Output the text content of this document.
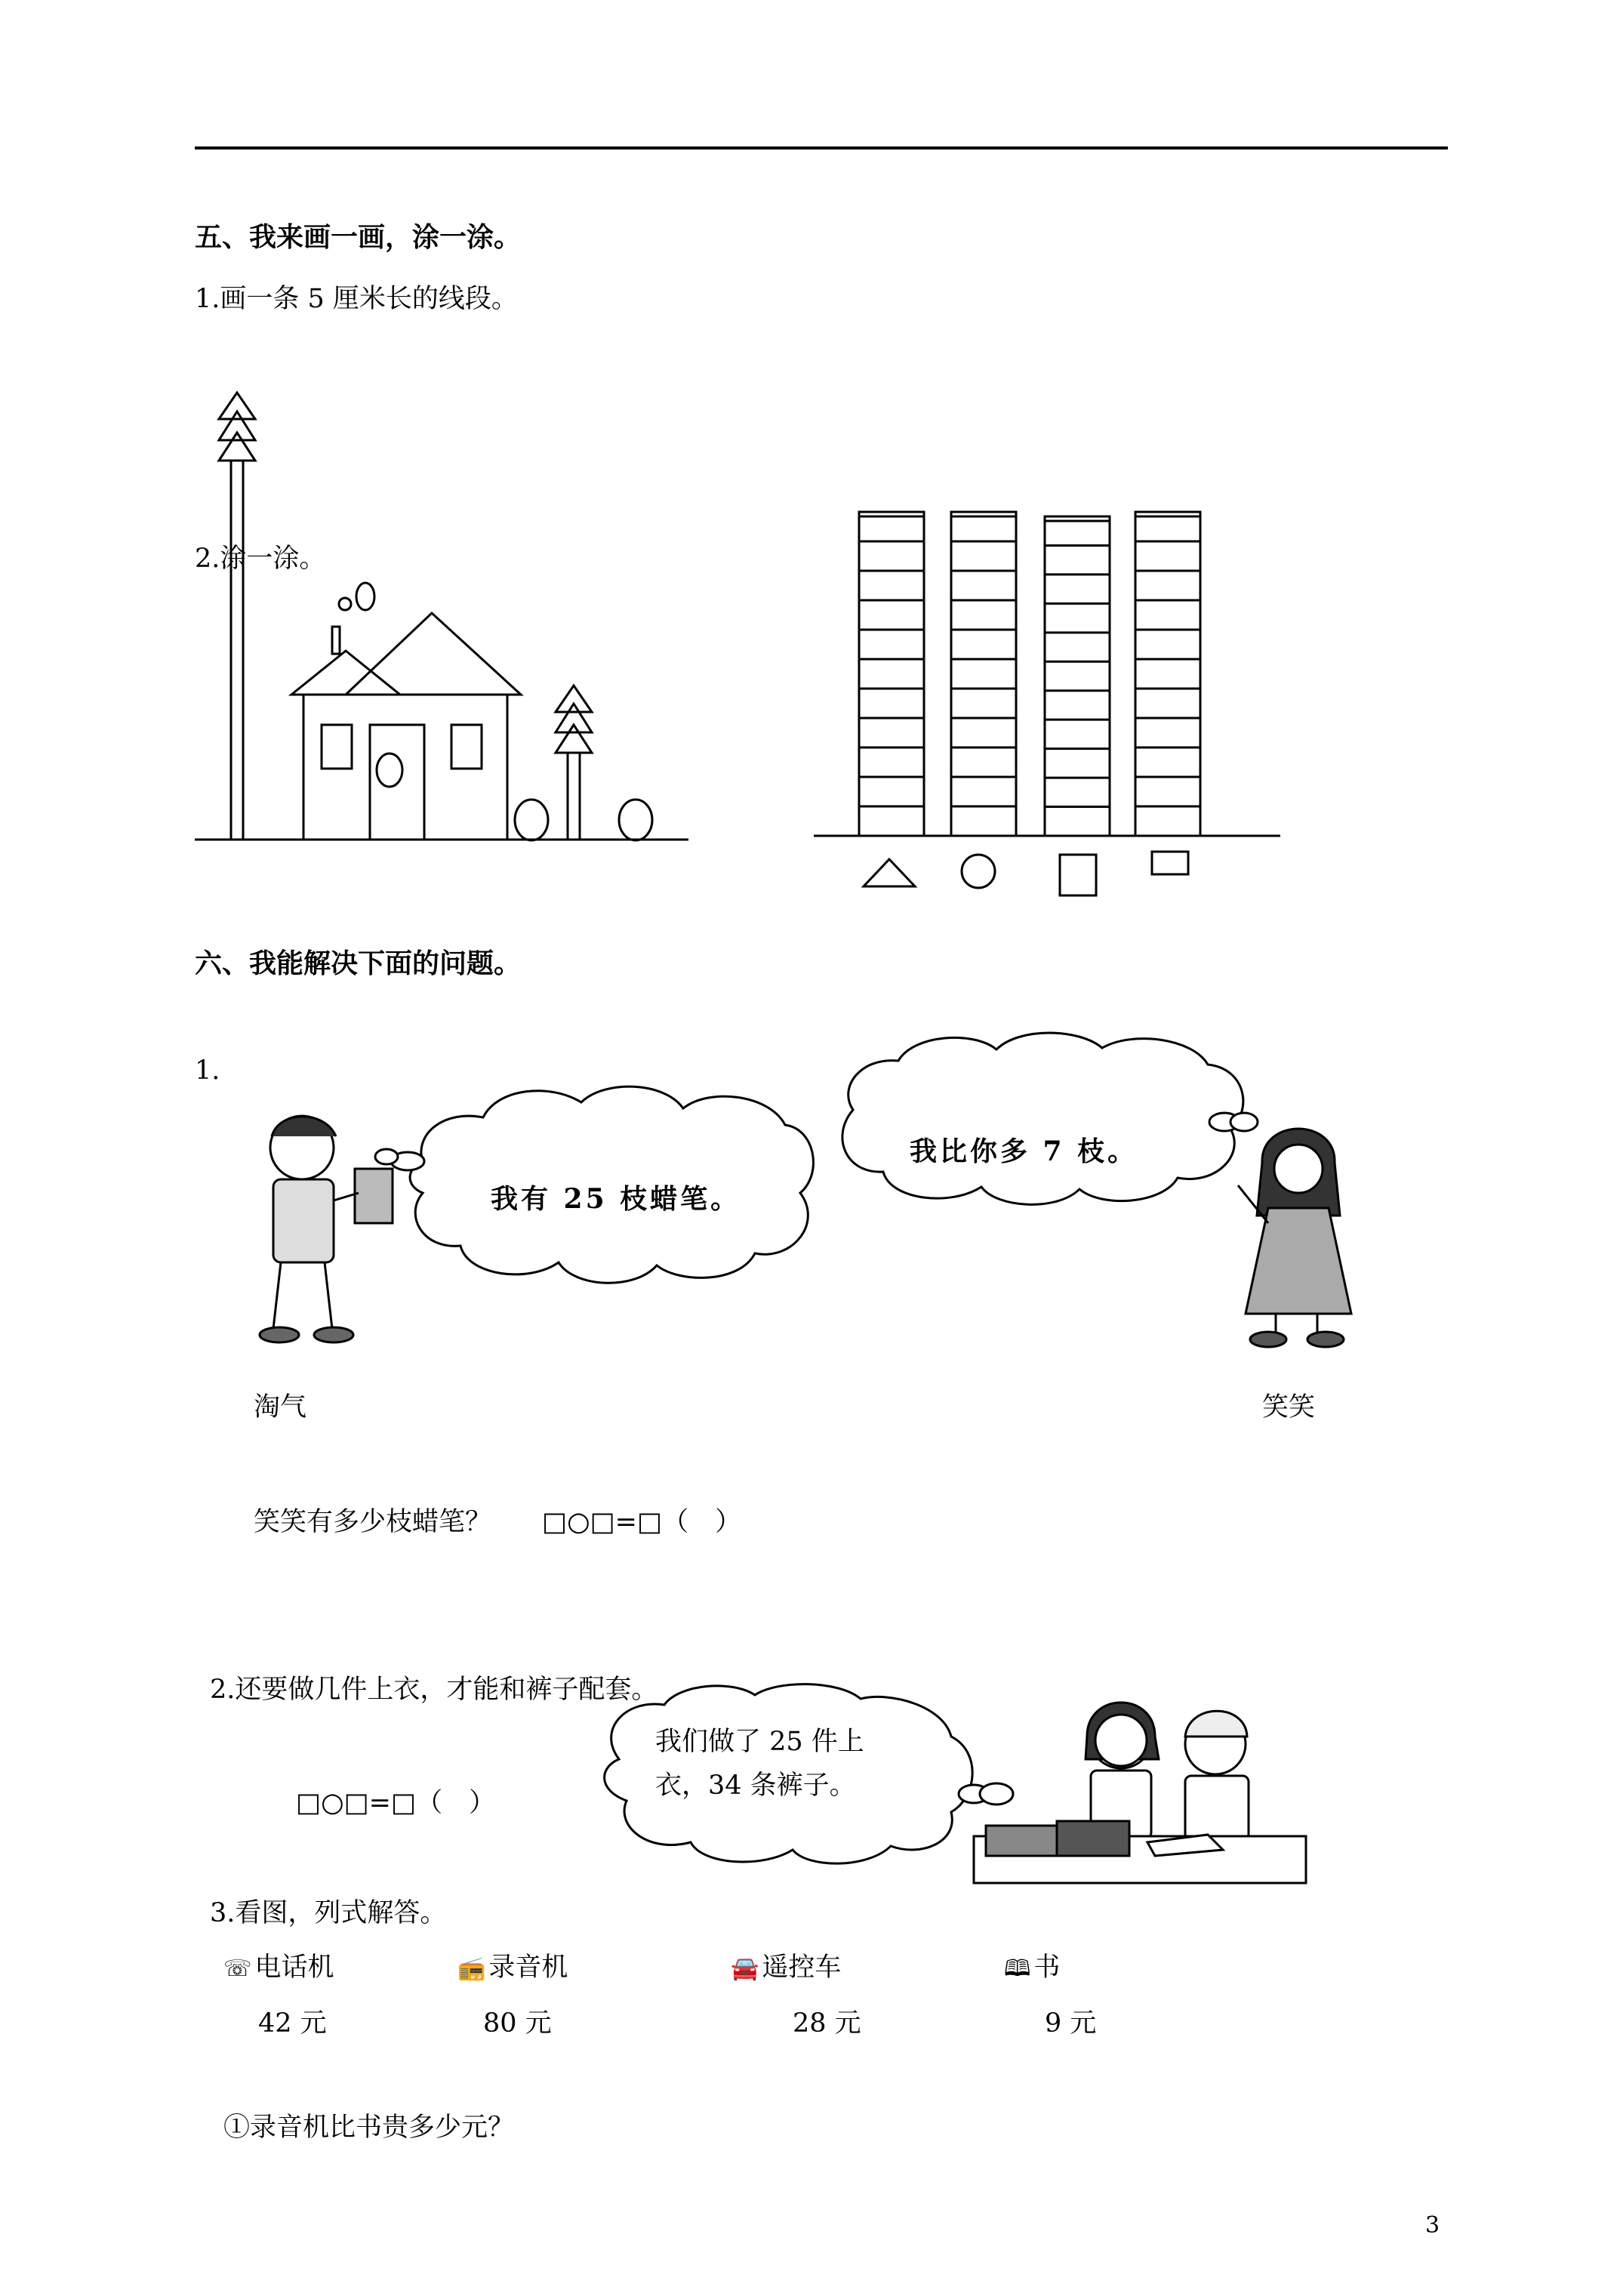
五、我来画一画，涂一涂。
1.画一条 5 厘米长的线段。
2.涂一涂。
六、我能解决下面的问题。
1.
我有 25 枝蜡笔。
我比你多 7 枝。
淘气	笑笑
笑笑有多少枝蜡笔？ □○□=□（　）
2.还要做几件上衣，才能和裤子配套。
□○□=□（　）
我们做了 25 件上
衣，34 条裤子。
3.看图，列式解答。
☏ 电话机	📻 录音机	🚘 遥控车	🕮 书
42 元	80 元	28 元	9 元
①录音机比书贵多少元？
3
